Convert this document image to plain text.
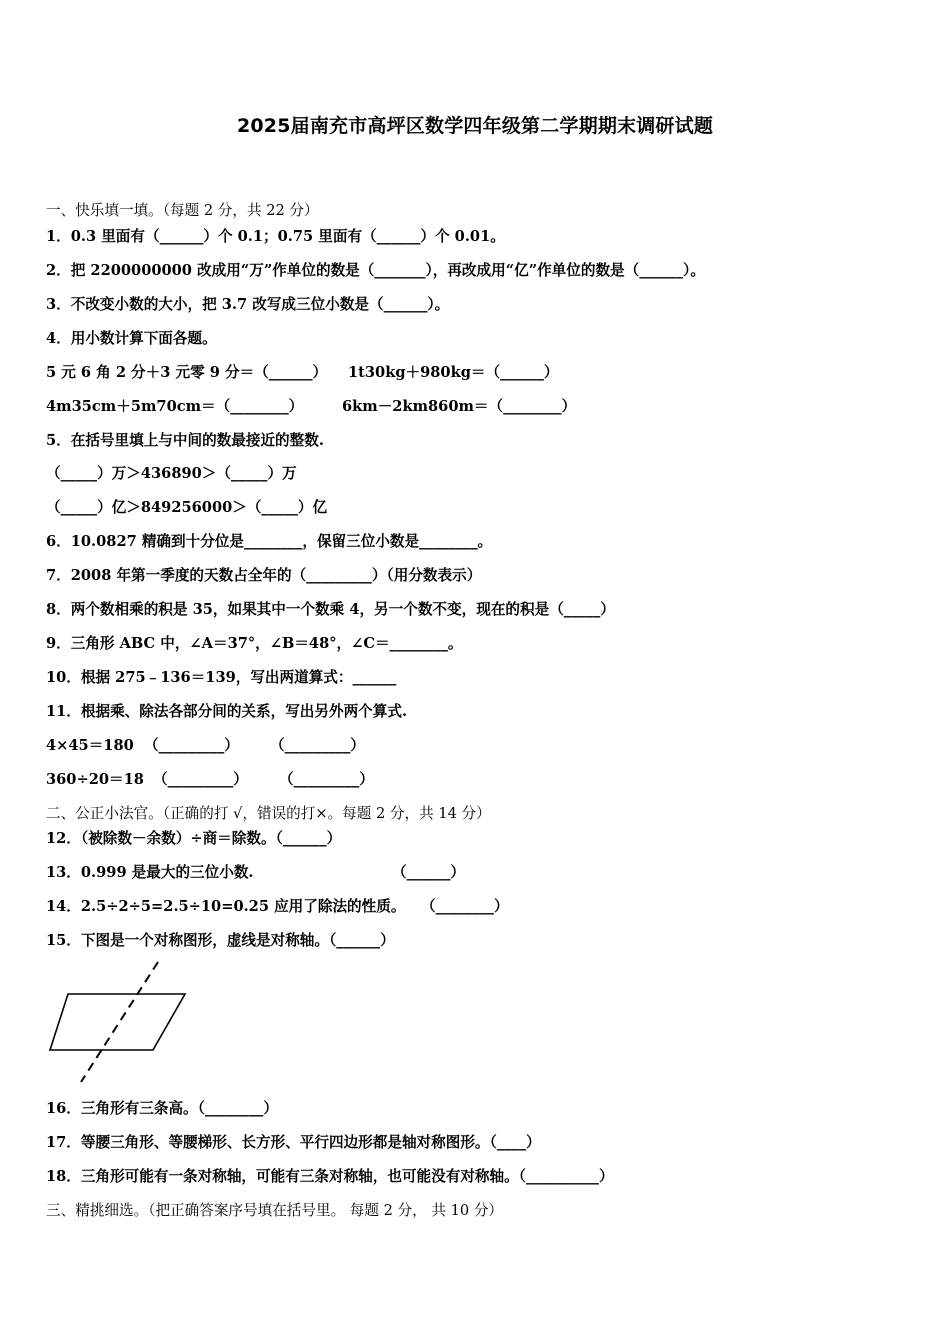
2025届南充市高坪区数学四年级第二学期期末调研试题
一、快乐填一填。（每题 2 分，共 22 分）
1．0.3 里面有（______）个 0.1；0.75 里面有（______）个 0.01。
2．把 2200000000 改成用“万”作单位的数是（_______），再改成用“亿”作单位的数是（______）。
3．不改变小数的大小，把 3.7 改写成三位小数是（______）。
4．用小数计算下面各题。
5 元 6 角 2 分＋3 元零 9 分＝（______） 1t30kg＋980kg＝（______）
4m35cm＋5m70cm＝（________）	6km－2km860m＝（________）
5．在括号里填上与中间的数最接近的整数.
（_____）万＞436890＞（_____）万
（_____）亿＞849256000＞（_____）亿
6．10.0827 精确到十分位是________，保留三位小数是________。
7．2008 年第一季度的天数占全年的（_________）（用分数表示）
8．两个数相乘的积是 35，如果其中一个数乘 4，另一个数不变，现在的积是（_____）
9．三角形 ABC 中，∠A＝37°，∠B＝48°，∠C＝________。
10．根据 275﹣136＝139，写出两道算式：______
11．根据乘、除法各部分间的关系，写出另外两个算式.
4×45＝180 （_________） （_________）
360÷20＝18 （_________） （_________）
二、公正小法官。（正确的打 √，错误的打×。每题 2 分，共 14 分）
12．（被除数－余数）÷商＝除数。（______）
13．0.999 是最大的三位小数.	（______）
14．2.5÷2÷5=2.5÷10=0.25 应用了除法的性质。 （________）
15．下图是一个对称图形，虚线是对称轴。（______）
16．三角形有三条高。（________）
17．等腰三角形、等腰梯形、长方形、平行四边形都是轴对称图形。（____）
18．三角形可能有一条对称轴，可能有三条对称轴，也可能没有对称轴。（__________）
三、精挑细选。（把正确答案序号填在括号里。 每题 2 分， 共 10 分）
